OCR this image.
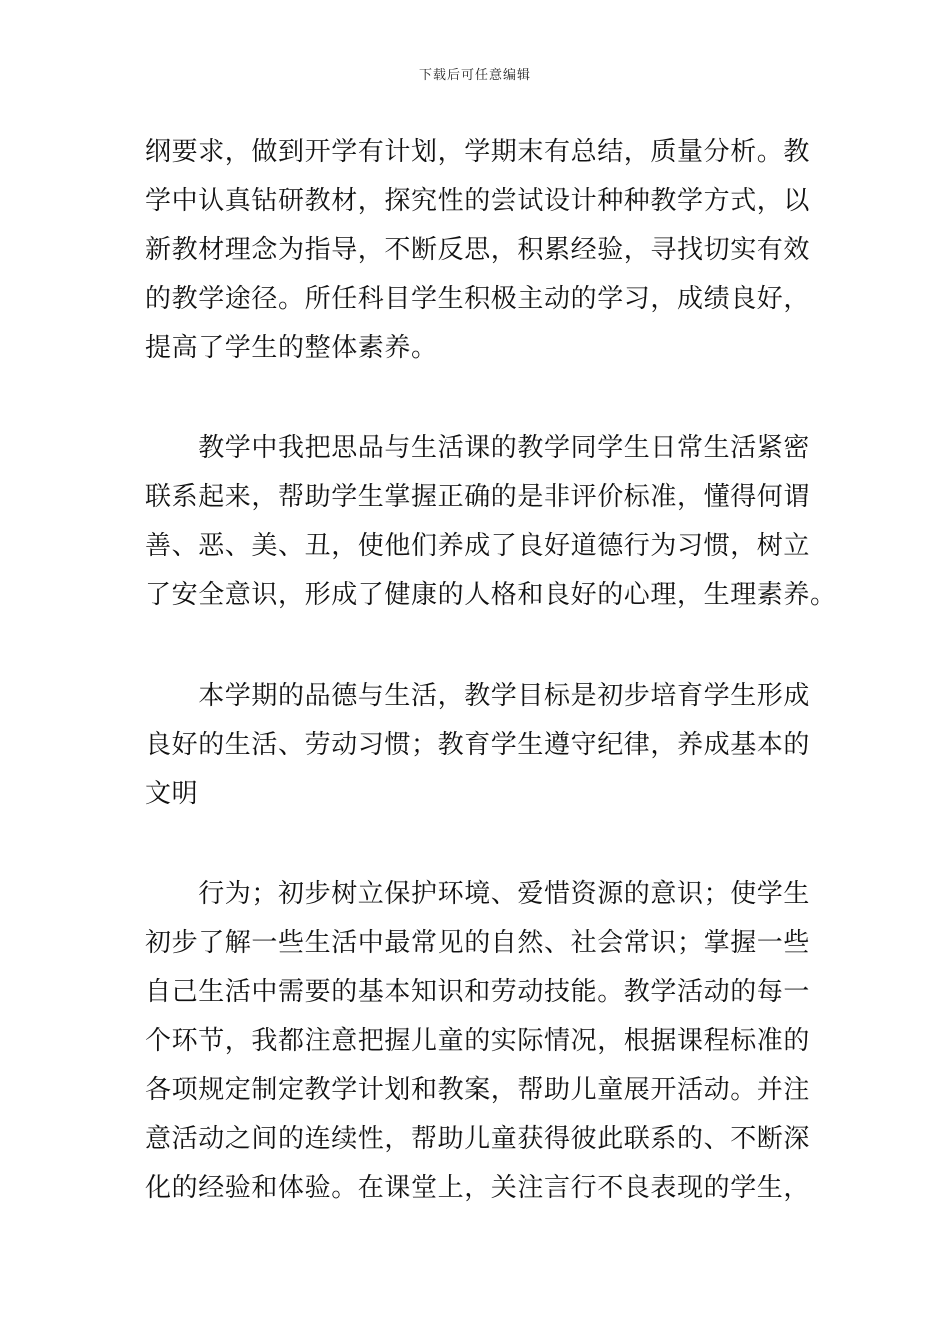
下载后可任意编辑
纲要求，做到开学有计划，学期末有总结，质量分析。教
学中认真钻研教材，探究性的尝试设计种种教学方式，以
新教材理念为指导，不断反思，积累经验，寻找切实有效
的教学途径。所任科目学生积极主动的学习，成绩良好，
提高了学生的整体素养。
　　教学中我把思品与生活课的教学同学生日常生活紧密
联系起来，帮助学生掌握正确的是非评价标准，懂得何谓
善、恶、美、丑，使他们养成了良好道德行为习惯，树立
了安全意识，形成了健康的人格和良好的心理，生理素养。
　　本学期的品德与生活，教学目标是初步培育学生形成
良好的生活、劳动习惯；教育学生遵守纪律，养成基本的
文明
　　行为；初步树立保护环境、爱惜资源的意识；使学生
初步了解一些生活中最常见的自然、社会常识；掌握一些
自己生活中需要的基本知识和劳动技能。教学活动的每一
个环节，我都注意把握儿童的实际情况，根据课程标准的
各项规定制定教学计划和教案，帮助儿童展开活动。并注
意活动之间的连续性，帮助儿童获得彼此联系的、不断深
化的经验和体验。在课堂上，关注言行不良表现的学生，
